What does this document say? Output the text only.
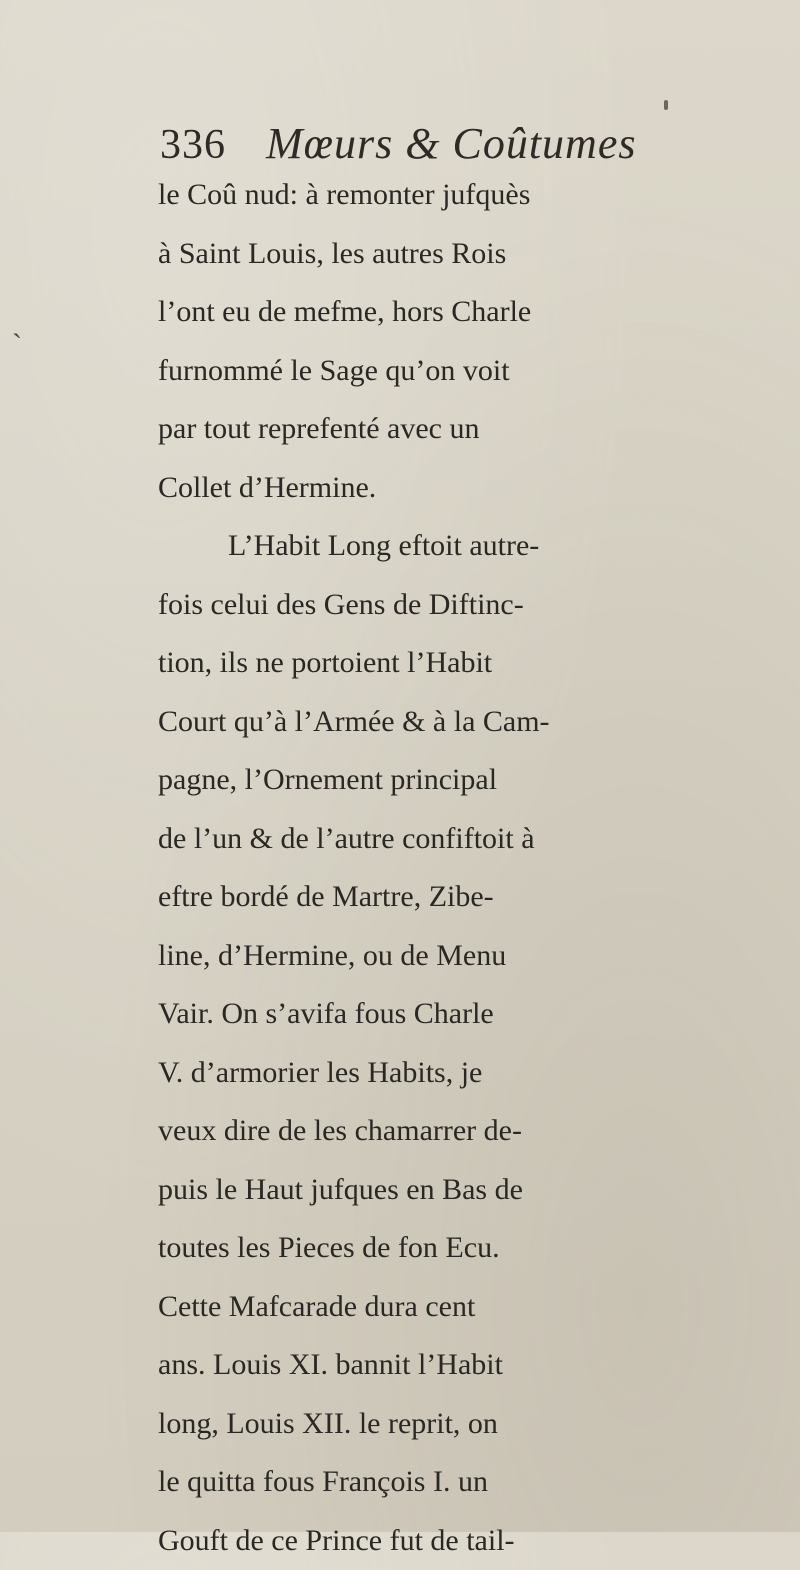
`
336 Mœurs & Coûtumes
le Coû nud: à remonter jufquès
à Saint Louis, les autres Rois
l’ont eu de mefme, hors Charle
furnommé le Sage qu’on voit
par tout reprefenté avec un
Collet d’Hermine.
L’Habit Long eftoit autre-
fois celui des Gens de Diftinc-
tion, ils ne portoient l’Habit
Court qu’à l’Armée & à la Cam-
pagne, l’Ornement principal
de l’un & de l’autre confiftoit à
eftre bordé de Martre, Zibe-
line, d’Hermine, ou de Menu
Vair. On s’avifa fous Charle
V. d’armorier les Habits, je
veux dire de les chamarrer de-
puis le Haut jufques en Bas de
toutes les Pieces de fon Ecu.
Cette Mafcarade dura cent
ans. Louis XI. bannit l’Habit
long, Louis XII. le reprit, on
le quitta fous François I. un
Gouft de ce Prince fut de tail-
